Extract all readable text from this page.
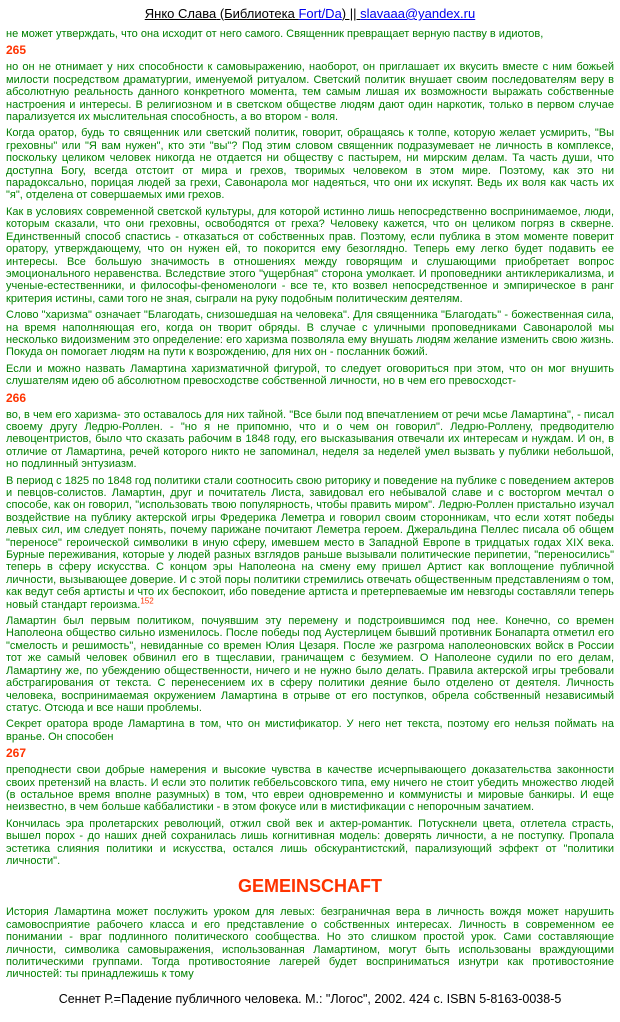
Янко Слава (Библиотека Fort/Da) || slavaaa@yandex.ru

не может утверждать, что она исходит от него самого. Священник превращает верную паству в идиотов,

265

но он не отнимает у них способности к самовыражению, наоборот, он приглашает их вкусить вместе с ним божьей милости посредством драматургии, именуемой ритуалом. Светский политик внушает своим последователям веру в абсолютную реальность данного конкретного момента, тем самым лишая их возможности выражать собственные настроения и интересы. В религиозном и в светском обществе людям дают один наркотик, только в первом случае парализуется их мыслительная способность, а во втором - воля.

Когда оратор, будь то священник или светский политик, говорит, обращаясь к толпе, которую желает усмирить, "Вы греховны" или "Я вам нужен", кто эти "вы"? Под этим словом священник подразумевает не личность в комплексе, поскольку целиком человек никогда не отдается ни обществу с пастырем, ни мирским делам. Та часть души, что доступна Богу, всегда отстоит от мира и грехов, творимых человеком в этом мире. Поэтому, как это ни парадоксально, порицая людей за грехи, Савонарола мог надеяться, что они их искупят. Ведь их воля как часть их "я", отделена от совершаемых ими грехов.

Как в условиях современной светской культуры, для которой истинно лишь непосредственно воспринимаемое, люди, которым сказали, что они греховны, освободятся от греха? Человеку кажется, что он целиком погряз в скверне. Единственный способ спастись - отказаться от собственных прав. Поэтому, если публика в этом моменте поверит оратору, утверждающему, что он нужен ей, то покорится ему безоглядно. Теперь ему легко будет подавить ее интересы. Все большую значимость в отношениях между говорящим и слушающими приобретает вопрос эмоционального неравенства. Вследствие этого "ущербная" сторона умолкает. И проповедники антиклерикализма, и ученые-естественники, и философы-феноменологи - все те, кто возвел непосредственное и эмпирическое в ранг критерия истины, сами того не зная, сыграли на руку подобным политическим деятелям.

Слово "харизма" означает "Благодать, снизошедшая на человека". Для священника "Благодать" - божественная сила, на время наполняющая его, когда он творит обряды. В случае с уличными проповедниками Савонаролой мы несколько видоизменим это определение: его харизма позволяла ему внушать людям желание изменить свою жизнь. Покуда он помогает людям на пути к возрождению, для них он - посланник божий.

Если и можно назвать Ламартина харизматичной фигурой, то следует оговориться при этом, что он мог внушить слушателям идею об абсолютном превосходстве собственной личности, но в чем его превосходст-

266

во, в чем его харизма- это оставалось для них тайной. "Все были под впечатлением от речи мсье Ламартина", - писал своему другу Ледрю-Роллен. - "но я не припомню, что и о чем он говорил". Ледрю-Роллену, предводителю левоцентристов, было что сказать рабочим в 1848 году, его высказывания отвечали их интересам и нуждам. И он, в отличие от Ламартина, речей которого никто не запоминал, неделя за неделей умел вызвать у публики небольшой, но подлинный энтузиазм.

В период с 1825 по 1848 год политики стали соотносить свою риторику и поведение на публике с поведением актеров и певцов-солистов. Ламартин, друг и почитатель Листа, завидовал его небывалой славе и с восторгом мечтал о способе, как он говорил, "использовать твою популярность, чтобы править миром". Ледрю-Роллен пристально изучал воздействие на публику актерской игры Фредерика Леметра и говорил своим сторонникам, что если хотят победы левых сил, им следует понять, почему парижане почитают Леметра героем. Джеральдина Пеллес писала об общем "переносе" героической символики в иную сферу, имевшем место в Западной Европе в тридцатых годах XIX века. Бурные переживания, которые у людей разных взглядов раньше вызывали политические перипетии, "переносились" теперь в сферу искусства. С концом эры Наполеона на смену ему пришел Артист как воплощение публичной личности, вызывающее доверие. И с этой поры политики стремились отвечать общественным представлениям о том, как ведут себя артисты и что их беспокоит, ибо поведение артиста и претерпеваемые им невзгоды составляли теперь новый стандарт героизма.$^{152}$

Ламартин был первым политиком, почуявшим эту перемену и подстроившимся под нее. Конечно, со времен Наполеона общество сильно изменилось. После победы под Аустерлицем бывший противник Бонапарта отметил его "смелость и решимость", невиданные со времен Юлия Цезаря. После же разгрома наполеоновских войск в России тот же самый человек обвинил его в тщеславии, граничащем с безумием. О Наполеоне судили по его делам, Ламартину же, по убеждению общественности, ничего и не нужно было делать. Правила актерской игры требовали абстрагирования от текста. С перенесением их в сферу политики деяние было отделено от деятеля. Личность человека, воспринимаемая окружением Ламартина в отрыве от его поступков, обрела собственный независимый статус. Отсюда и все наши проблемы.

Секрет оратора вроде Ламартина в том, что он мистификатор. У него нет текста, поэтому его нельзя поймать на вранье. Он способен

267

преподнести свои добрые намерения и высокие чувства в качестве исчерпывающего доказательства законности своих претензий на власть. И если это политик геббельсовского типа, ему ничего не стоит убедить множество людей (в остальное время вполне разумных) в том, что евреи одновременно и коммунисты и мировые банкиры. И еще неизвестно, в чем больше каббалистики - в этом фокусе или в мистификации с непорочным зачатием.

Кончилась эра пролетарских революций, отжил свой век и актер-романтик. Потускнели цвета, отлетела страсть, вышел порох - до наших дней сохранилась лишь когнитивная модель: доверять личности, а не поступку. Пропала эстетика слияния политики и искусства, остался лишь обскурантистский, парализующий эффект от "политики личности".

GEMEINSCHAFT

История Ламартина может послужить уроком для левых: безграничная вера в личность вождя может нарушить самовосприятие рабочего класса и его представление о собственных интересах. Личность в современном ее понимании - враг подлинного политического сообщества. Но это слишком простой урок. Сами составляющие личности, символика самовыражения, использованная Ламартином, могут быть использованы враждующими политическими группами. Тогда противостояние лагерей будет восприниматься изнутри как противостояние личностей: ты принадлежишь к тому

Сеннет Р.=Падение публичного человека. М.: "Логос", 2002. 424 с. ISBN 5-8163-0038-5
